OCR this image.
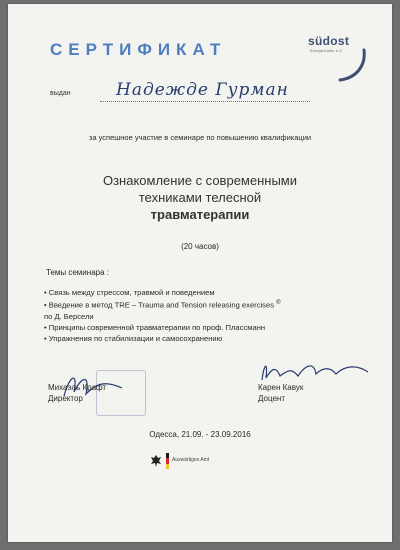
СЕРТИФИКАТ	südost
Europa-Kultur e.V.
выдан	Надежде Гурман
за успешное участие в семинаре по повышению квалификации
Ознакомление с современными
техниками телесной
травматерапии
(20 часов)
Темы семинара :
• Связь между стрессом, травмой и поведением
• Введение в метод TRE – Trauma and Tension releasing exercises ®
по Д. Берсели
• Принципы современной травматерапии по проф. Плассманн
• Упражнения по стабилизации и самосохранению
Михаэль Крафт
Директор
Карен Кавук
Доцент
Одесса, 21.09. - 23.09.2016
Auswärtiges Amt
